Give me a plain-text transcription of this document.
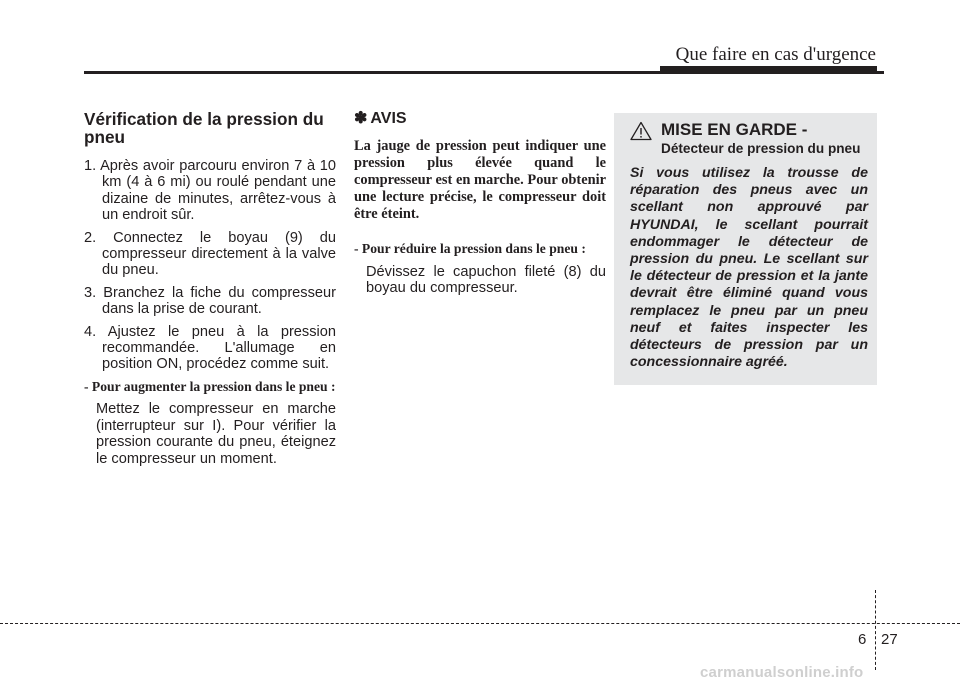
Que faire en cas d'urgence
Vérification de la pression du pneu
1. Après avoir parcouru environ 7 à 10 km (4 à 6 mi) ou roulé pendant une dizaine de minutes, arrêtez-vous à un endroit sûr.
2. Connectez le boyau (9) du compresseur directement à la valve du pneu.
3. Branchez la fiche du compresseur dans la prise de courant.
4. Ajustez le pneu à la pression recommandée. L'allumage en position ON, procédez comme suit.
- Pour augmenter la pression dans le pneu :
Mettez le compresseur en marche (interrupteur sur I). Pour vérifier la pression courante du pneu, éteignez le compresseur un moment.
✽ AVIS
La jauge de pression peut indiquer une pression plus élevée quand le compresseur est en marche. Pour obtenir une lecture précise, le compresseur doit être éteint.
- Pour réduire la pression dans le pneu :
Dévissez le capuchon fileté (8) du boyau du compresseur.
MISE EN GARDE -
Détecteur de pression du pneu
Si vous utilisez la trousse de réparation des pneus avec un scellant non approuvé par HYUNDAI, le scellant pourrait endommager le détecteur de pression du pneu. Le scellant sur le détecteur de pression et la jante devrait être éliminé quand vous remplacez le pneu par un pneu neuf et faites inspecter les détecteurs de pression par un concessionnaire agréé.
6 27
carmanualsonline.info
